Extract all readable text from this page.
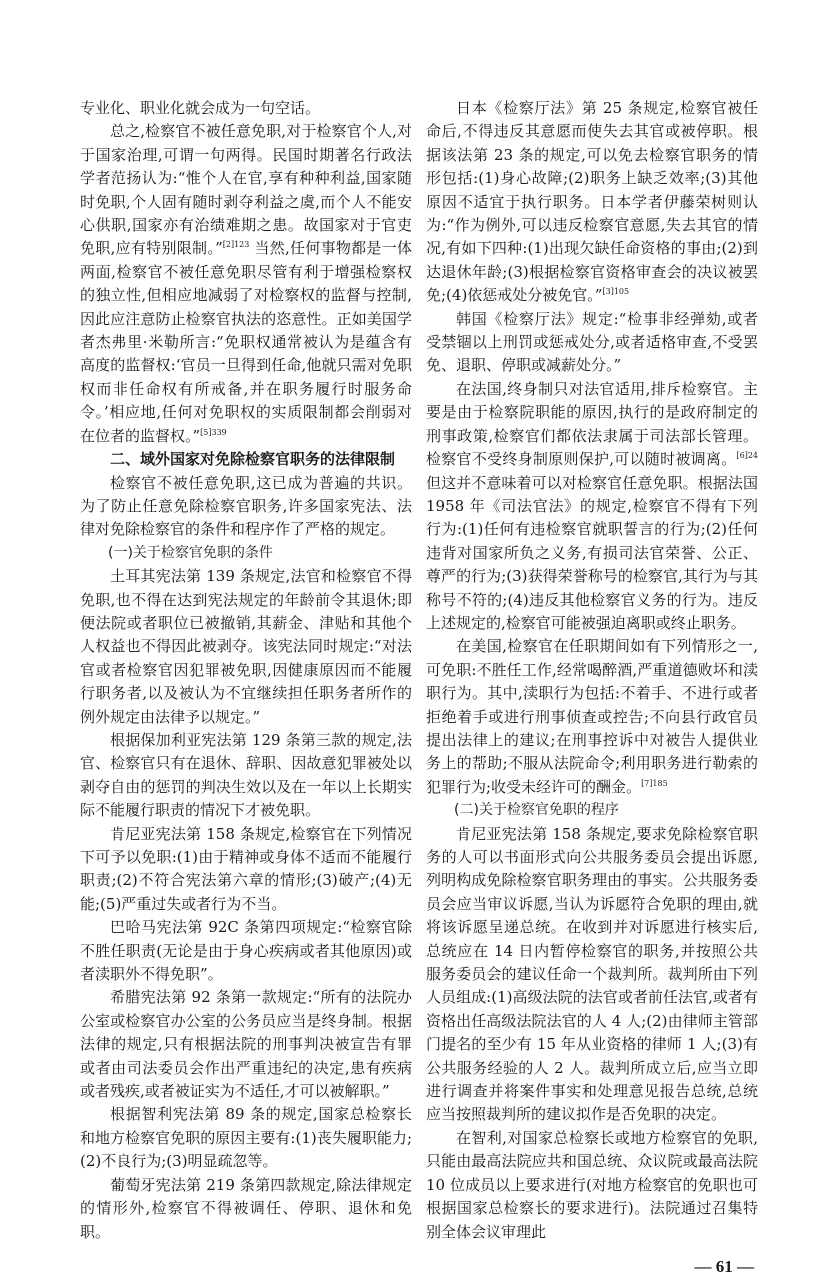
专业化、职业化就会成为一句空话。

总之,检察官不被任意免职,对于检察官个人,对于国家治理,可谓一句两得。民国时期著名行政法学者范扬认为:“惟个人在官,享有种种利益,国家随时免职,个人固有随时剥夺利益之虞,而个人不能安心供职,国家亦有治绩难期之患。故国家对于官吏免职,应有特别限制。”$^{[2]123}$ 当然,任何事物都是一体两面,检察官不被任意免职尽管有利于增强检察权的独立性,但相应地减弱了对检察权的监督与控制,因此应注意防止检察官执法的恣意性。正如美国学者杰弗里·米勒所言:“免职权通常被认为是蕴含有高度的监督权:‘官员一旦得到任命,他就只需对免职权而非任命权有所戒备,并在职务履行时服务命令。’相应地,任何对免职权的实质限制都会削弱对在位者的监督权。”$^{[5]339}$

二、域外国家对免除检察官职务的法律限制

检察官不被任意免职,这已成为普遍的共识。为了防止任意免除检察官职务,许多国家宪法、法律对免除检察官的条件和程序作了严格的规定。

(一)关于检察官免职的条件

土耳其宪法第 139 条规定,法官和检察官不得免职,也不得在达到宪法规定的年龄前令其退休;即便法院或者职位已被撤销,其薪金、津贴和其他个人权益也不得因此被剥夺。该宪法同时规定:“对法官或者检察官因犯罪被免职,因健康原因而不能履行职务者,以及被认为不宜继续担任职务者所作的例外规定由法律予以规定。”

根据保加利亚宪法第 129 条第三款的规定,法官、检察官只有在退休、辞职、因故意犯罪被处以剥夺自由的惩罚的判决生效以及在一年以上长期实际不能履行职责的情况下才被免职。

肯尼亚宪法第 158 条规定,检察官在下列情况下可予以免职:(1)由于精神或身体不适而不能履行职责;(2)不符合宪法第六章的情形;(3)破产;(4)无能;(5)严重过失或者行为不当。

巴哈马宪法第 92C 条第四项规定:“检察官除不胜任职责(无论是由于身心疾病或者其他原因)或者渎职外不得免职”。

希腊宪法第 92 条第一款规定:“所有的法院办公室或检察官办公室的公务员应当是终身制。根据法律的规定,只有根据法院的刑事判决被宣告有罪或者由司法委员会作出严重违纪的决定,患有疾病或者残疾,或者被证实为不适任,才可以被解职。”

根据智利宪法第 89 条的规定,国家总检察长和地方检察官免职的原因主要有:(1)丧失履职能力;(2)不良行为;(3)明显疏忽等。

葡萄牙宪法第 219 条第四款规定,除法律规定的情形外,检察官不得被调任、停职、退休和免职。

日本《检察厅法》第 25 条规定,检察官被任命后,不得违反其意愿而使失去其官或被停职。根据该法第 23 条的规定,可以免去检察官职务的情形包括:(1)身心故障;(2)职务上缺乏效率;(3)其他原因不适宜于执行职务。日本学者伊藤荣树则认为:“作为例外,可以违反检察官意愿,失去其官的情况,有如下四种:(1)出现欠缺任命资格的事由;(2)到达退休年龄;(3)根据检察官资格审查会的决议被罢免;(4)依惩戒处分被免官。”$^{[3]105}$

韩国《检察厅法》规定:“检事非经弹劾,或者受禁锢以上刑罚或惩戒处分,或者适格审查,不受罢免、退职、停职或减薪处分。”

在法国,终身制只对法官适用,排斥检察官。主要是由于检察院职能的原因,执行的是政府制定的刑事政策,检察官们都依法隶属于司法部长管理。检察官不受终身制原则保护,可以随时被调离。$^{[6]24}$ 但这并不意味着可以对检察官任意免职。根据法国 1958 年《司法官法》的规定,检察官不得有下列行为:(1)任何有违检察官就职誓言的行为;(2)任何违背对国家所负之义务,有损司法官荣誉、公正、尊严的行为;(3)获得荣誉称号的检察官,其行为与其称号不符的;(4)违反其他检察官义务的行为。违反上述规定的,检察官可能被强迫离职或终止职务。

在美国,检察官在任职期间如有下列情形之一,可免职:不胜任工作,经常喝醉酒,严重道德败坏和渎职行为。其中,渎职行为包括:不着手、不进行或者拒绝着手或进行刑事侦查或控告;不向县行政官员提出法律上的建议;在刑事控诉中对被告人提供业务上的帮助;不服从法院命令;利用职务进行勒索的犯罪行为;收受未经许可的酬金。$^{[7]185}$

(二)关于检察官免职的程序

肯尼亚宪法第 158 条规定,要求免除检察官职务的人可以书面形式向公共服务委员会提出诉愿,列明构成免除检察官职务理由的事实。公共服务委员会应当审议诉愿,当认为诉愿符合免职的理由,就将该诉愿呈递总统。在收到并对诉愿进行核实后,总统应在 14 日内暂停检察官的职务,并按照公共服务委员会的建议任命一个裁判所。裁判所由下列人员组成:(1)高级法院的法官或者前任法官,或者有资格出任高级法院法官的人 4 人;(2)由律师主管部门提名的至少有 15 年从业资格的律师 1 人;(3)有公共服务经验的人 2 人。裁判所成立后,应当立即进行调查并将案件事实和处理意见报告总统,总统应当按照裁判所的建议拟作是否免职的决定。

在智利,对国家总检察长或地方检察官的免职,只能由最高法院应共和国总统、众议院或最高法院 10 位成员以上要求进行(对地方检察官的免职也可根据国家总检察长的要求进行)。法院通过召集特别全体会议审理此

— 61 —
